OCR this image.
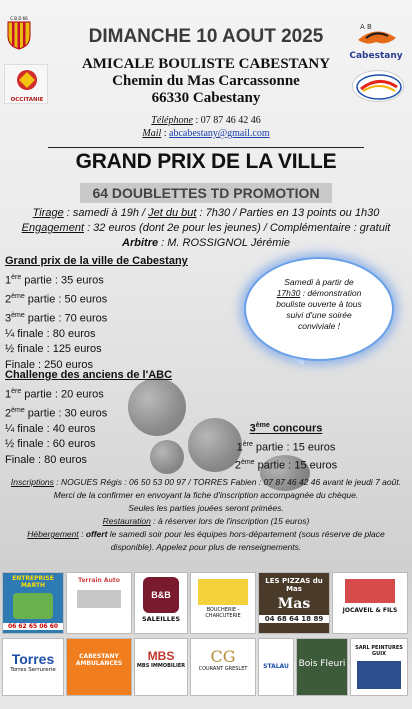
C.B.D 66
OCCITANIE
A B
Cabestany
DIMANCHE 10 AOUT 2025
AMICALE BOULISTE CABESTANY
Chemin du Mas Carcassonne
66330 Cabestany
Téléphone : 07 87 46 42 46
Mail : abcabestany@gmail.com
GRAND PRIX DE LA VILLE
64 DOUBLETTES TD PROMOTION
Tirage : samedi à 19h / Jet du but : 7h30 / Parties en 13 points ou 1h30
Engagement : 32 euros (dont 2e pour les jeunes) / Complémentaire : gratuit
Arbitre : M. ROSSIGNOL Jérémie
Grand prix de la ville de Cabestany
1ère partie : 35 euros
2ème partie : 50 euros
3ème partie : 70 euros
¼ finale : 80 euros
½ finale : 125 euros
Finale : 250 euros
Challenge des anciens de l'ABC
1ère partie : 20 euros
2ème partie : 30 euros
¼ finale : 40 euros
½ finale : 60 euros
Finale : 80 euros
Samedi à partir de
17h30 : démonstration
bouliste ouverte à tous
suivi d'une soirée
conviviale !
3ème concours
1ère partie : 15 euros
2ème partie : 15 euros
Inscriptions : NOGUES Régis : 06 50 53 00 97 / TORRES Fabien : 07 87 46 42 46 avant le jeudi 7 août.
Merci de la confirmer en envoyant la fiche d'inscription accompagnée du chèque.
Seules les parties jouées seront primées.
Restauration : à réserver lors de l'inscription (15 euros)
Hébergement : offert le samedi soir pour les équipes hors-département (sous réserve de place
disponible). Appelez pour plus de renseignements.
ENTREPRISE MARTH
06 62 65 06 60
Terrain Auto
B&B
SALEILLES
BOUCHERIE - CHARCUTERIE
LES PIZZAS du Mas
Mas
04 68 64 18 89
JOCAVEIL & FILS
Torres
Torres Serrurerie
CABESTANY AMBULANCES
MBS
MBS IMMOBILIER	CG
COURANT GRESLET	STALAU	Bois Fleuri
SARL PEINTURES GUIX
